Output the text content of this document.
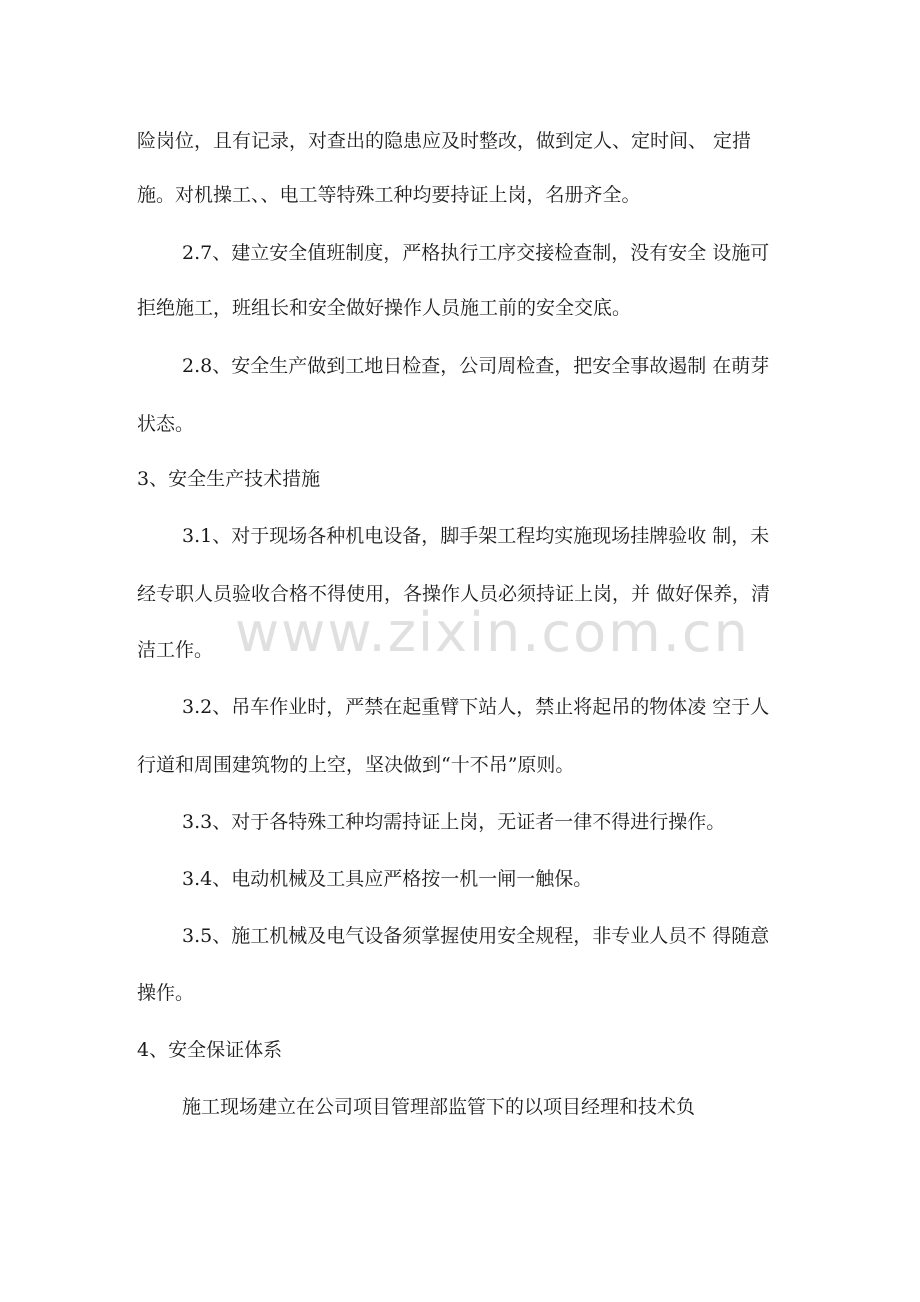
险岗位，且有记录，对查出的隐患应及时整改，做到定人、定时间、 定措
施。对机操工、、电工等特殊工种均要持证上岗，名册齐全。
2.7、建立安全值班制度，严格执行工序交接检查制，没有安全 设施可
拒绝施工，班组长和安全做好操作人员施工前的安全交底。
2.8、安全生产做到工地日检查，公司周检查，把安全事故遏制 在萌芽
状态。
3、安全生产技术措施
3.1、对于现场各种机电设备，脚手架工程均实施现场挂牌验收 制，未
经专职人员验收合格不得使用，各操作人员必须持证上岗，并 做好保养，清
洁工作。
3.2、吊车作业时，严禁在起重臂下站人，禁止将起吊的物体凌 空于人
行道和周围建筑物的上空，坚决做到“十不吊”原则。
3.3、对于各特殊工种均需持证上岗，无证者一律不得进行操作。
3.4、电动机械及工具应严格按一机一闸一触保。
3.5、施工机械及电气设备须掌握使用安全规程，非专业人员不 得随意
操作。
4、安全保证体系
施工现场建立在公司项目管理部监管下的以项目经理和技术负
www.zixin.com.cn
